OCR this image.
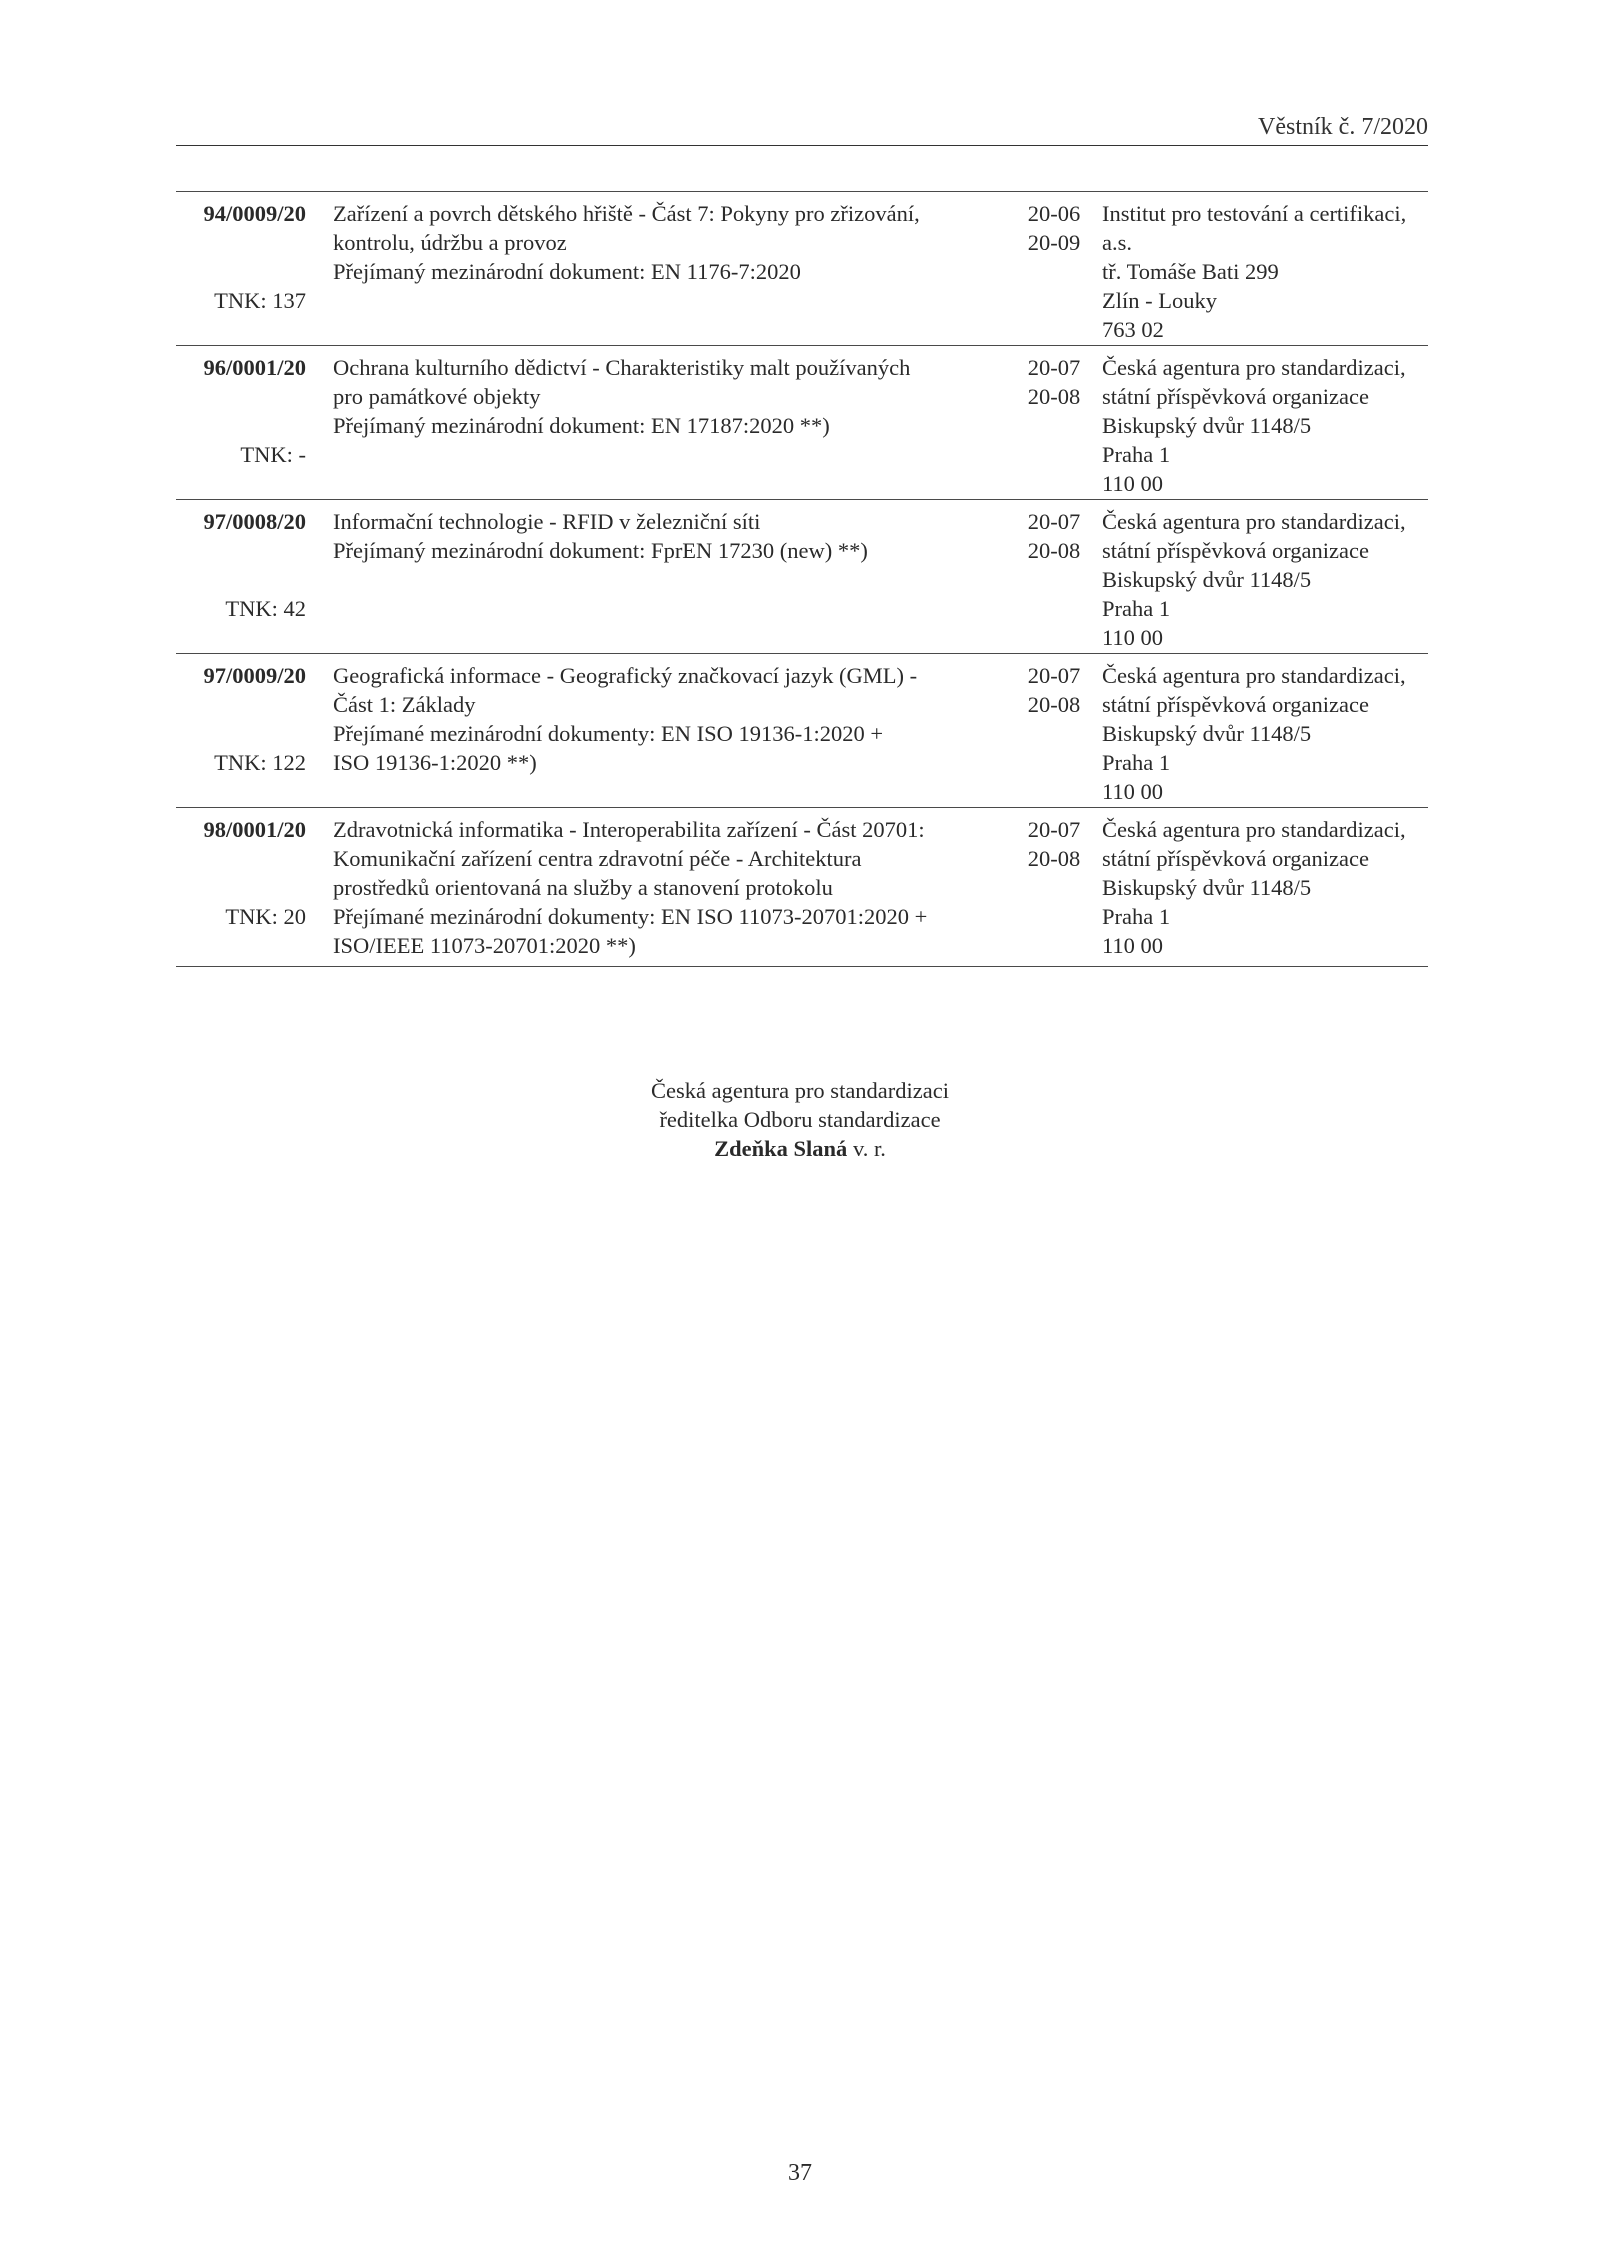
Věstník č. 7/2020
94/0009/20
TNK: 137
Zařízení a povrch dětského hřiště - Část 7: Pokyny pro zřizování,
kontrolu, údržbu a provoz
Přejímaný mezinárodní dokument: EN 1176-7:2020
20-06
20-09
Institut pro testování a certifikaci,
a.s.
tř. Tomáše Bati 299
Zlín - Louky
763 02
96/0001/20
TNK: -
Ochrana kulturního dědictví - Charakteristiky malt používaných
pro památkové objekty
Přejímaný mezinárodní dokument: EN 17187:2020 **)
20-07
20-08
Česká agentura pro standardizaci,
státní příspěvková organizace
Biskupský dvůr 1148/5
Praha 1
110 00
97/0008/20
TNK: 42
Informační technologie - RFID v železniční síti
Přejímaný mezinárodní dokument: FprEN 17230 (new) **)
20-07
20-08
Česká agentura pro standardizaci,
státní příspěvková organizace
Biskupský dvůr 1148/5
Praha 1
110 00
97/0009/20
TNK: 122
Geografická informace - Geografický značkovací jazyk (GML) -
Část 1: Základy
Přejímané mezinárodní dokumenty: EN ISO 19136-1:2020 +
ISO 19136-1:2020 **)
20-07
20-08
Česká agentura pro standardizaci,
státní příspěvková organizace
Biskupský dvůr 1148/5
Praha 1
110 00
98/0001/20
TNK: 20
Zdravotnická informatika - Interoperabilita zařízení - Část 20701:
Komunikační zařízení centra zdravotní péče - Architektura
prostředků orientovaná na služby a stanovení protokolu
Přejímané mezinárodní dokumenty: EN ISO 11073-20701:2020 +
ISO/IEEE 11073-20701:2020 **)
20-07
20-08
Česká agentura pro standardizaci,
státní příspěvková organizace
Biskupský dvůr 1148/5
Praha 1
110 00
Česká agentura pro standardizaci
ředitelka Odboru standardizace
Zdeňka Slaná v. r.
37
